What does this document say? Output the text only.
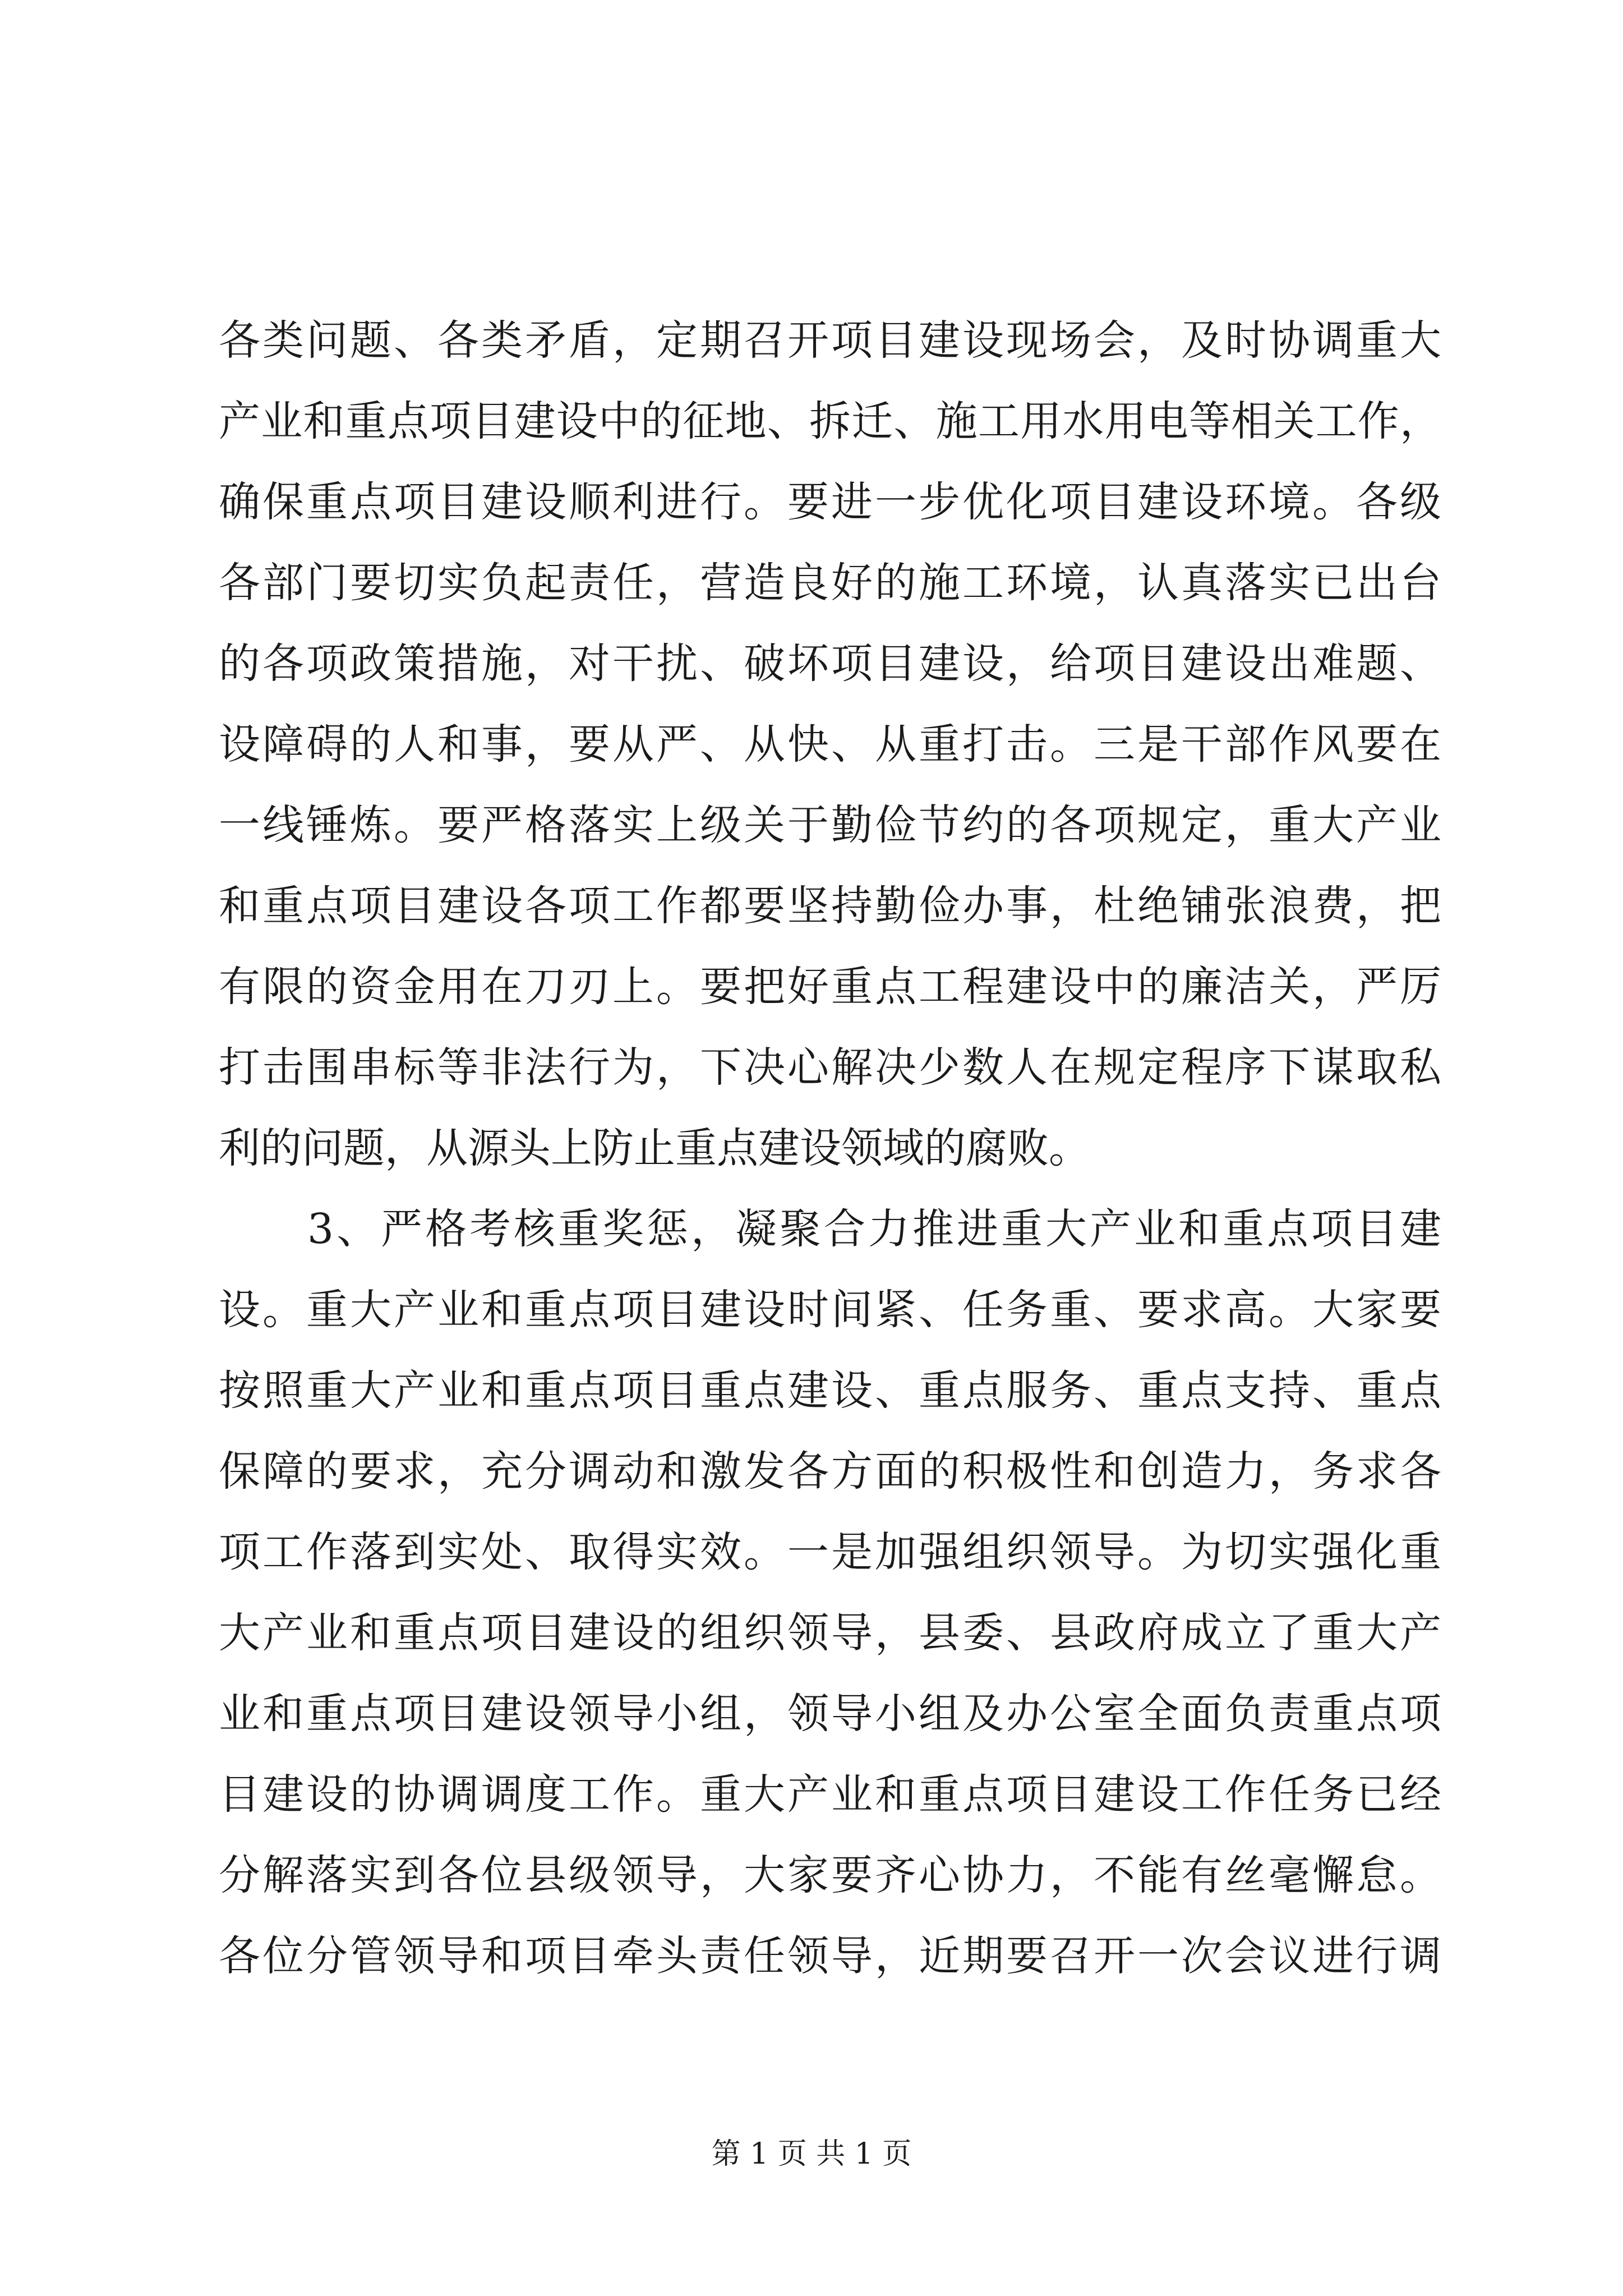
各类问题、各类矛盾，定期召开项目建设现场会，及时协调重大
产业和重点项目建设中的征地、拆迁、施工用水用电等相关工作，
确保重点项目建设顺利进行。要进一步优化项目建设环境。各级
各部门要切实负起责任，营造良好的施工环境，认真落实已出台
的各项政策措施，对干扰、破坏项目建设，给项目建设出难题、
设障碍的人和事，要从严、从快、从重打击。三是干部作风要在
一线锤炼。要严格落实上级关于勤俭节约的各项规定，重大产业
和重点项目建设各项工作都要坚持勤俭办事，杜绝铺张浪费，把
有限的资金用在刀刃上。要把好重点工程建设中的廉洁关，严厉
打击围串标等非法行为，下决心解决少数人在规定程序下谋取私
利的问题，从源头上防止重点建设领域的腐败。
　　3、严格考核重奖惩，凝聚合力推进重大产业和重点项目建
设。重大产业和重点项目建设时间紧、任务重、要求高。大家要
按照重大产业和重点项目重点建设、重点服务、重点支持、重点
保障的要求，充分调动和激发各方面的积极性和创造力，务求各
项工作落到实处、取得实效。一是加强组织领导。为切实强化重
大产业和重点项目建设的组织领导，县委、县政府成立了重大产
业和重点项目建设领导小组，领导小组及办公室全面负责重点项
目建设的协调调度工作。重大产业和重点项目建设工作任务已经
分解落实到各位县级领导，大家要齐心协力，不能有丝毫懈怠。
各位分管领导和项目牵头责任领导，近期要召开一次会议进行调
第 1 页 共 1 页
